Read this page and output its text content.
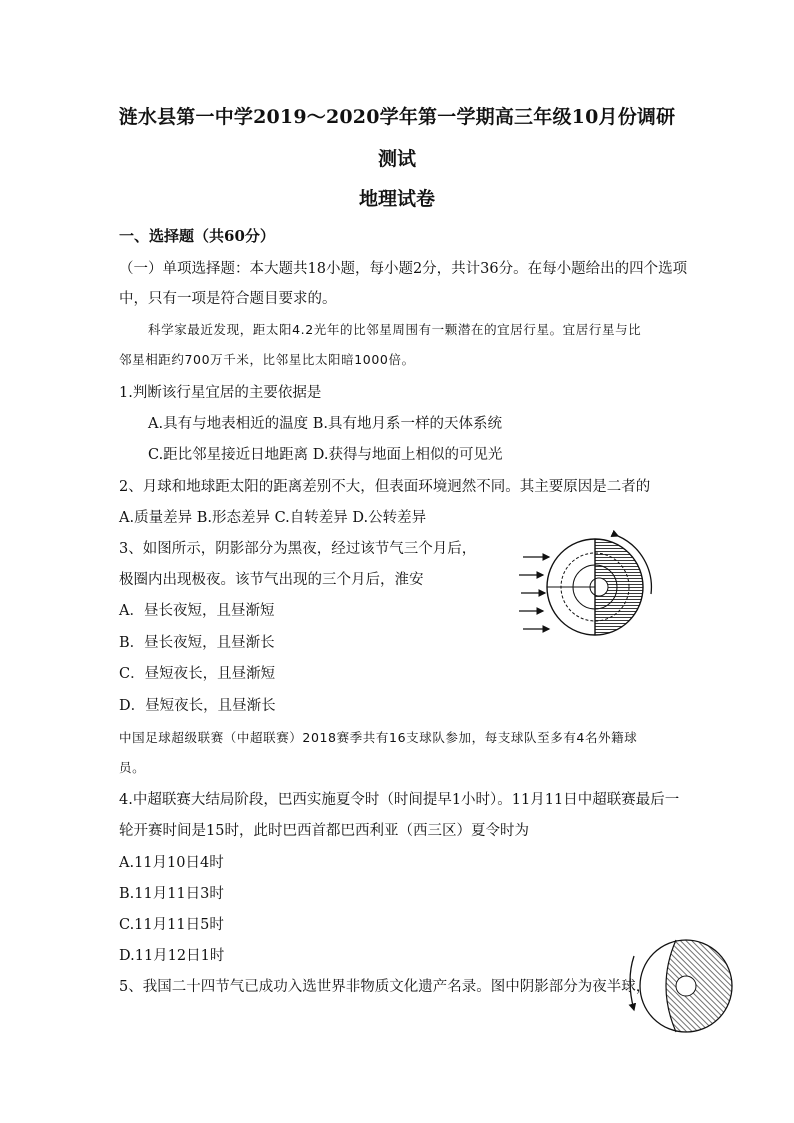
涟水县第一中学2019～2020学年第一学期高三年级10月份调研
测试
地理试卷
一、选择题（共60分）
（一）单项选择题：本大题共18小题，每小题2分，共计36分。在每小题给出的四个选项
中，只有一项是符合题目要求的。
科学家最近发现，距太阳4.2光年的比邻星周围有一颗潜在的宜居行星。宜居行星与比
邻星相距约700万千米，比邻星比太阳暗1000倍。
1.判断该行星宜居的主要依据是
A.具有与地表相近的温度 B.具有地月系一样的天体系统
C.距比邻星接近日地距离 D.获得与地面上相似的可见光
2、月球和地球距太阳的距离差别不大，但表面环境迥然不同。其主要原因是二者的
A.质量差异 B.形态差异 C.自转差异 D.公转差异
3、如图所示，阴影部分为黑夜，经过该节气三个月后，
极圈内出现极夜。该节气出现的三个月后，淮安
A．昼长夜短，且昼渐短
B．昼长夜短，且昼渐长
C．昼短夜长，且昼渐短
D．昼短夜长，且昼渐长
中国足球超级联赛（中超联赛）2018赛季共有16支球队参加，每支球队至多有4名外籍球
员。
4.中超联赛大结局阶段，巴西实施夏令时（时间提早1小时）。11月11日中超联赛最后一
轮开赛时间是15时，此时巴西首都巴西利亚（西三区）夏令时为
A.11月10日4时
B.11月11日3时
C.11月11日5时
D.11月12日1时
5、我国二十四节气已成功入选世界非物质文化遗产名录。图中阴影部分为夜半球，
